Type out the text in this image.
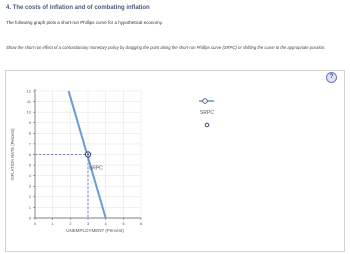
4. The costs of inflation and of combating inflation
The following graph plots a short-run Phillips curve for a hypothetical economy.
Show the short-run effect of a contractionary monetary policy by dragging the point along the short-run Phillips curve (SRPC) or shifting the curve to the appropriate position.
?
0	1	2	3	4	5	6
0
1
2
3
4
5
6
7
8
9
10
11
12
UNEMPLOYMENT (Percent)
INFLATION RATE (Percent)	SRPC
SRPC
